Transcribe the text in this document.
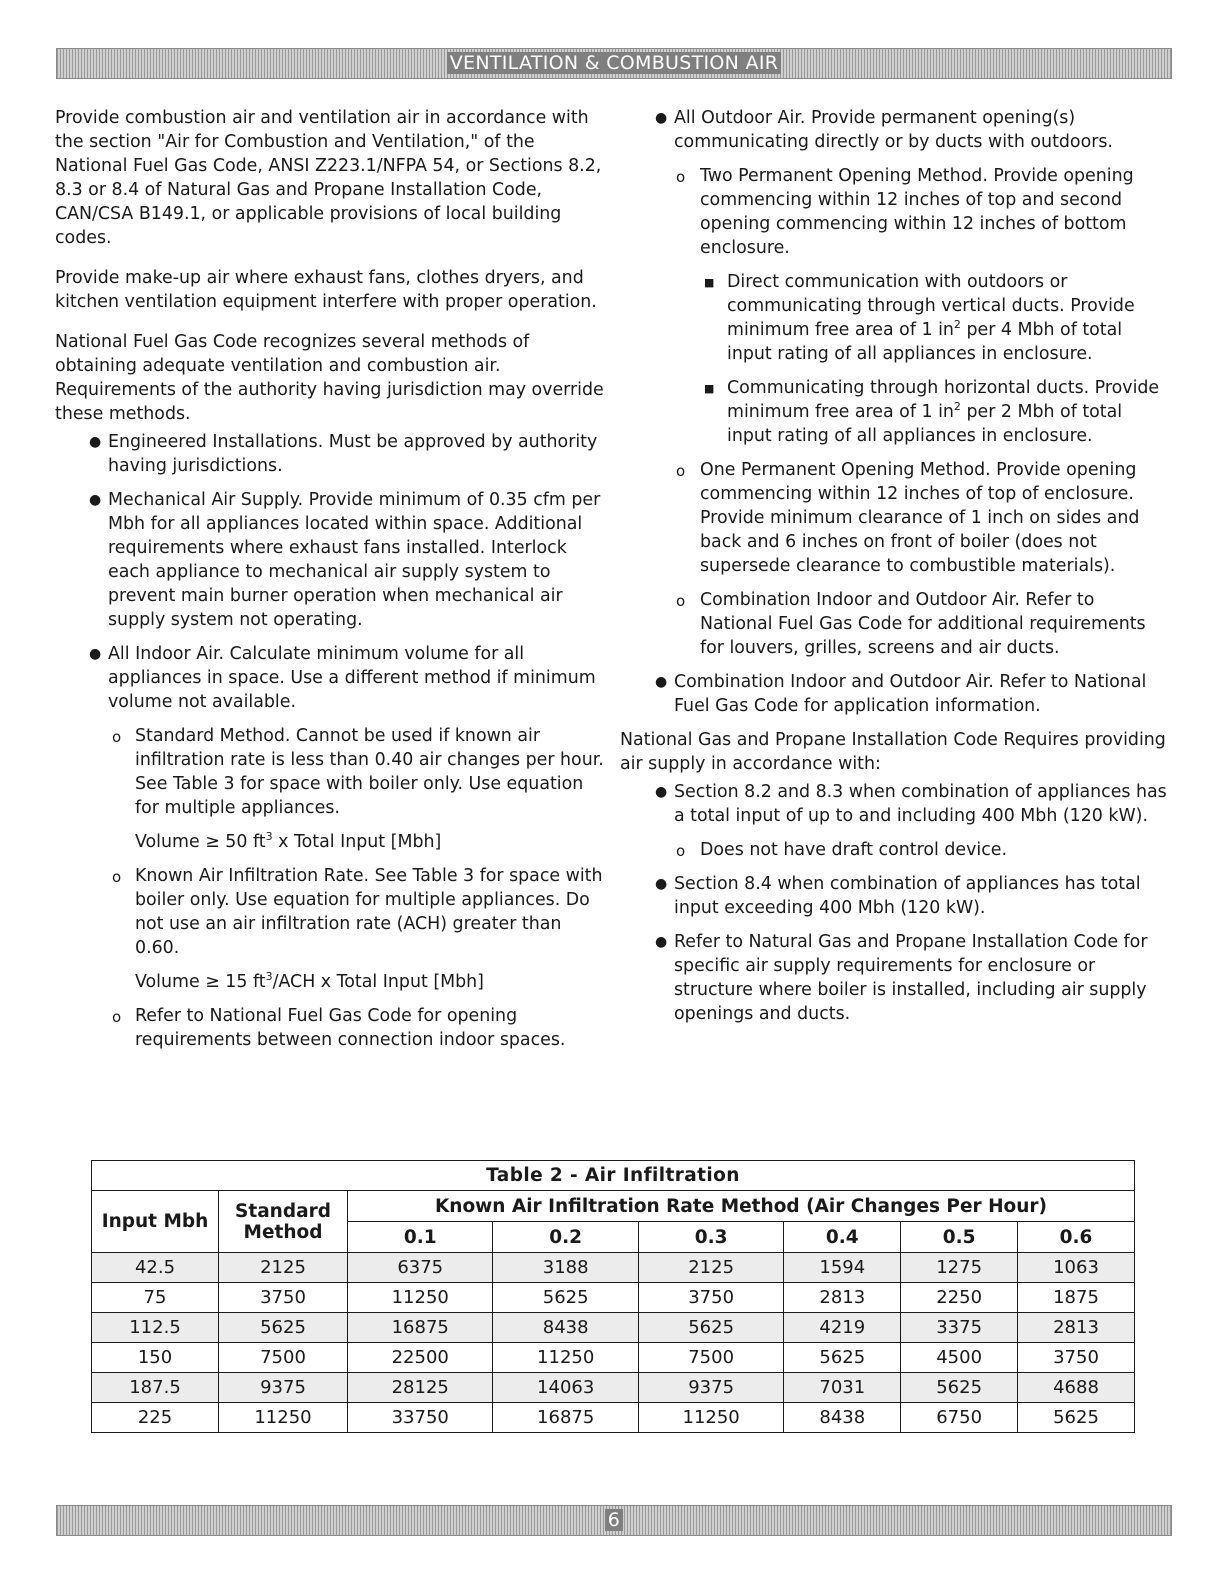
VENTILATION & COMBUSTION AIR

Provide combustion air and ventilation air in accordance with the section "Air for Combustion and Ventilation," of the National Fuel Gas Code, ANSI Z223.1/NFPA 54, or Sections 8.2, 8.3 or 8.4 of Natural Gas and Propane Installation Code, CAN/CSA B149.1, or applicable provisions of local building codes.

Provide make-up air where exhaust fans, clothes dryers, and kitchen ventilation equipment interfere with proper operation.

National Fuel Gas Code recognizes several methods of obtaining adequate ventilation and combustion air. Requirements of the authority having jurisdiction may override these methods.

● Engineered Installations. Must be approved by authority having jurisdictions.
● Mechanical Air Supply. Provide minimum of 0.35 cfm per Mbh for all appliances located within space. Additional requirements where exhaust fans installed. Interlock each appliance to mechanical air supply system to prevent main burner operation when mechanical air supply system not operating.
● All Indoor Air. Calculate minimum volume for all appliances in space. Use a different method if minimum volume not available.
o Standard Method. Cannot be used if known air infiltration rate is less than 0.40 air changes per hour. See Table 3 for space with boiler only. Use equation for multiple appliances.
Volume ≥ 50 $ft^3$ x Total Input [Mbh]
o Known Air Infiltration Rate. See Table 3 for space with boiler only. Use equation for multiple appliances. Do not use an air infiltration rate (ACH) greater than 0.60.
Volume ≥ 15 $ft^3$/ACH x Total Input [Mbh]
o Refer to National Fuel Gas Code for opening requirements between connection indoor spaces.
● All Outdoor Air. Provide permanent opening(s) communicating directly or by ducts with outdoors.
o Two Permanent Opening Method. Provide opening commencing within 12 inches of top and second opening commencing within 12 inches of bottom enclosure.
■ Direct communication with outdoors or communicating through vertical ducts. Provide minimum free area of 1 $in^2$ per 4 Mbh of total input rating of all appliances in enclosure.
■ Communicating through horizontal ducts. Provide minimum free area of 1 $in^2$ per 2 Mbh of total input rating of all appliances in enclosure.
o One Permanent Opening Method. Provide opening commencing within 12 inches of top of enclosure. Provide minimum clearance of 1 inch on sides and back and 6 inches on front of boiler (does not supersede clearance to combustible materials).
o Combination Indoor and Outdoor Air. Refer to National Fuel Gas Code for additional requirements for louvers, grilles, screens and air ducts.
● Combination Indoor and Outdoor Air. Refer to National Fuel Gas Code for application information.

National Gas and Propane Installation Code Requires providing air supply in accordance with:

● Section 8.2 and 8.3 when combination of appliances has a total input of up to and including 400 Mbh (120 kW).
o Does not have draft control device.
● Section 8.4 when combination of appliances has total input exceeding 400 Mbh (120 kW).
● Refer to Natural Gas and Propane Installation Code for specific air supply requirements for enclosure or structure where boiler is installed, including air supply openings and ducts.
Table 2 - Air Infiltration							
Input Mbh	Standard Method	Known Air Infiltration Rate Method (Air Changes Per Hour)					
		0.1	0.2	0.3	0.4	0.5	0.6
42.5	2125	6375	3188	2125	1594	1275	1063
75	3750	11250	5625	3750	2813	2250	1875
112.5	5625	16875	8438	5625	4219	3375	2813
150	7500	22500	11250	7500	5625	4500	3750
187.5	9375	28125	14063	9375	7031	5625	4688
225	11250	33750	16875	11250	8438	6750	5625
6
